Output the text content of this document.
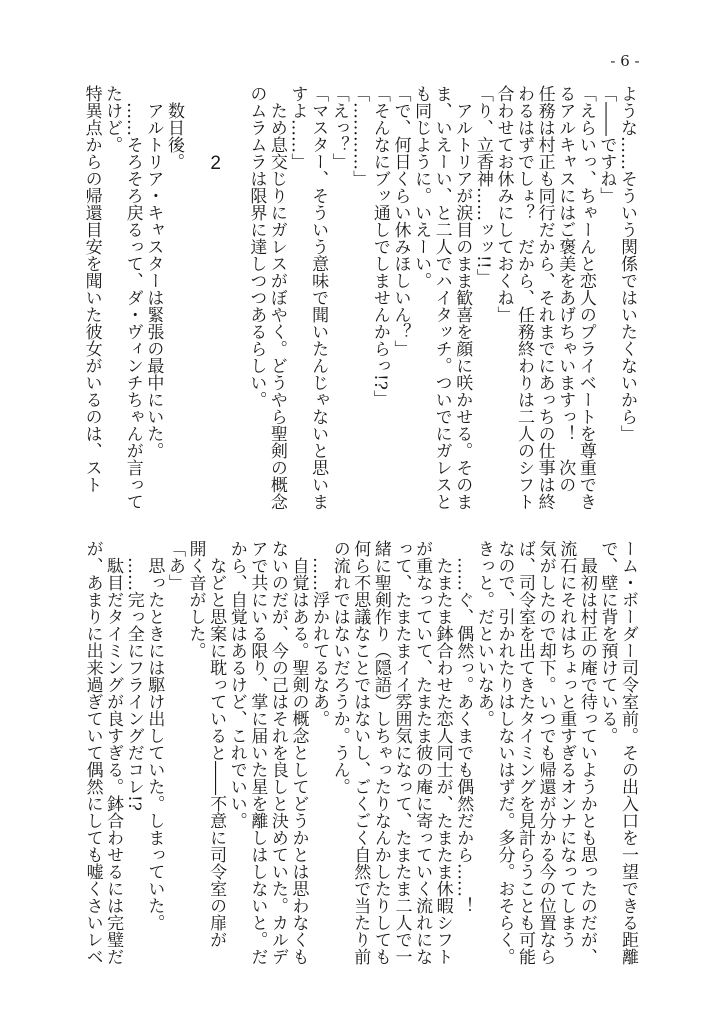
- 6 -
ような……そういう関係ではいたくないから」
「――ですね」
「えらいっ、ちゃーんと恋人のプライベートを尊重でき
るアルキャスにはご褒美をあげちゃいますっ！　次の
任務は村正も同行だから、それまでにあっちの仕事は終
わるはずでしょ？　だから、任務終わりは二人のシフト
合わせてお休みにしておくね」
「り、立香神……ッッ!!」
　アルトリアが涙目のまま歓喜を顔に咲かせる。そのま
ま、いえーい、と二人でハイタッチ。ついでにガレスと
も同じように。いえーい。
「で、何日くらい休みほしいん？」
「そんなにブッ通しでしませんからっ!?」
「…………」
「えっ？」
「マスター、そういう意味で聞いたんじゃないと思いま
すよ……」
　ため息交じりにガレスがぼやく。どうやら聖剣の概念
のムラムラは限界に達しつつあるらしい。
2
　数日後。
　アルトリア・キャスターは緊張の最中にいた。
　……そろそろ戻るって、ダ・ヴィンチちゃんが言って
たけど。
特異点からの帰還目安を聞いた彼女がいるのは、スト
ーム・ボーダー司令室前。その出入口を一望できる距離
で、壁に背を預けている。
　最初は村正の庵で待っていようかとも思ったのだが、
流石にそれはちょっと重すぎるオンナになってしまう
気がしたので却下。いつでも帰還が分かる今の位置なら
ば、司令室を出てきたタイミングを見計らうことも可能
なので、引かれたりはしないはずだ。多分。おそらく。
きっと。だといいなあ。
　……ぐ、偶然っ。あくまでも偶然だから……！
　たまたま鉢合わせた恋人同士が、たまたま休暇シフト
が重なっていて、たまたま彼の庵に寄っていく流れにな
って、たまたまイイ雰囲気になって、たまたま二人で一
緒に聖剣作り（隠語）しちゃったりなんかしたりしても
何ら不思議なことではないし、ごくごく自然で当たり前
の流れではないだろうか。うん。
　……浮かれてるなあ。
　自覚はある。聖剣の概念としてどうかとは思わなくも
ないのだが、今の己はそれを良しと決めていた。カルデ
アで共にいる限り、掌に届いた星を離しはしないと。だ
から、自覚はあるけど、これでいい。
　などと思案に耽っていると――不意に司令室の扉が
開く音がした。
「あ」
　思ったときには駆け出していた。しまっていた。
　……完っ全にフライングだコレ!?
　駄目だタイミングが良すぎる。鉢合わせるには完璧だ
が、あまりに出来過ぎていて偶然にしても嘘くさいレベ
